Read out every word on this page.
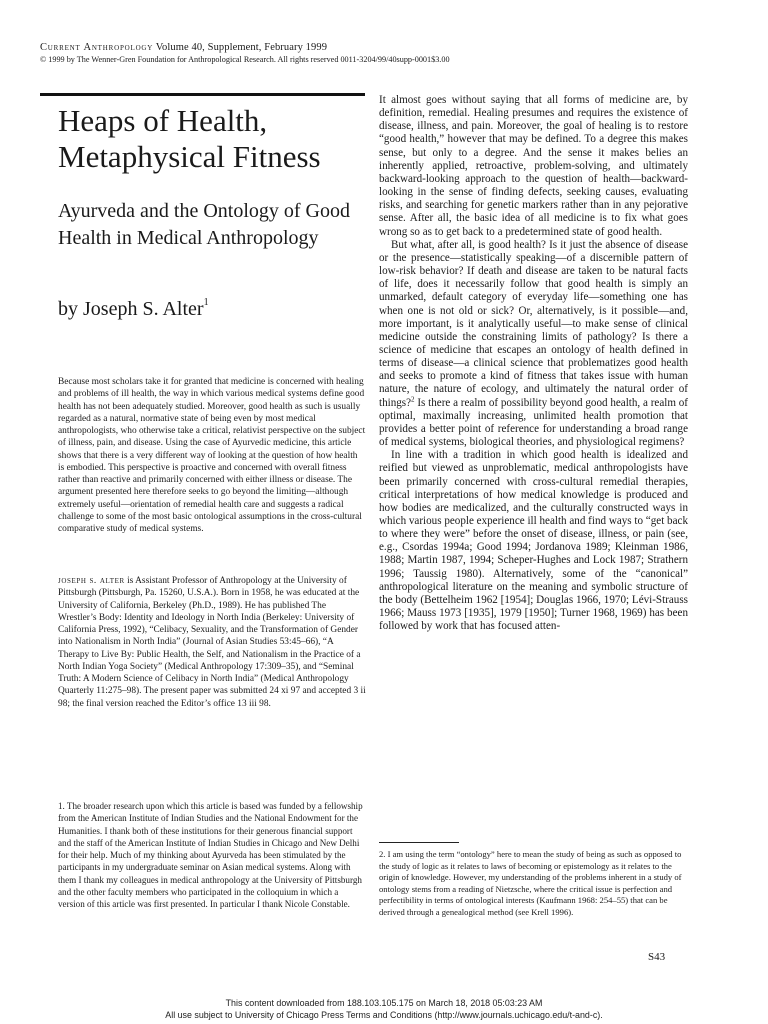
Current Anthropology Volume 40, Supplement, February 1999
© 1999 by The Wenner-Gren Foundation for Anthropological Research. All rights reserved 0011-3204/99/40supp-0001$3.00
Heaps of Health, Metaphysical Fitness
Ayurveda and the Ontology of Good Health in Medical Anthropology
by Joseph S. Alter$^1$
Because most scholars take it for granted that medicine is concerned with healing and problems of ill health, the way in which various medical systems define good health has not been adequately studied. Moreover, good health as such is usually regarded as a natural, normative state of being even by most medical anthropologists, who otherwise take a critical, relativist perspective on the subject of illness, pain, and disease. Using the case of Ayurvedic medicine, this article shows that there is a very different way of looking at the question of how health is embodied. This perspective is proactive and concerned with overall fitness rather than reactive and primarily concerned with either illness or disease. The argument presented here therefore seeks to go beyond the limiting—although extremely useful—orientation of remedial health care and suggests a radical challenge to some of the most basic ontological assumptions in the cross-cultural comparative study of medical systems.
joseph s. alter is Assistant Professor of Anthropology at the University of Pittsburgh (Pittsburgh, Pa. 15260, U.S.A.). Born in 1958, he was educated at the University of California, Berkeley (Ph.D., 1989). He has published The Wrestler’s Body: Identity and Ideology in North India (Berkeley: University of California Press, 1992), “Celibacy, Sexuality, and the Transformation of Gender into Nationalism in North India” (Journal of Asian Studies 53:45–66), “A Therapy to Live By: Public Health, the Self, and Nationalism in the Practice of a North Indian Yoga Society” (Medical Anthropology 17:309–35), and “Seminal Truth: A Modern Science of Celibacy in North India” (Medical Anthropology Quarterly 11:275–98). The present paper was submitted 24 xi 97 and accepted 3 ii 98; the final version reached the Editor’s office 13 iii 98.
1. The broader research upon which this article is based was funded by a fellowship from the American Institute of Indian Studies and the National Endowment for the Humanities. I thank both of these institutions for their generous financial support and the staff of the American Institute of Indian Studies in Chicago and New Delhi for their help. Much of my thinking about Ayurveda has been stimulated by the participants in my undergraduate seminar on Asian medical systems. Along with them I thank my colleagues in medical anthropology at the University of Pittsburgh and the other faculty members who participated in the colloquium in which a version of this article was first presented. In particular I thank Nicole Constable.

It almost goes without saying that all forms of medicine are, by definition, remedial. Healing presumes and requires the existence of disease, illness, and pain. Moreover, the goal of healing is to restore “good health,” however that may be defined. To a degree this makes sense, but only to a degree. And the sense it makes belies an inherently applied, retroactive, problem-solving, and ultimately backward-looking approach to the question of health—backward-looking in the sense of finding defects, seeking causes, evaluating risks, and searching for genetic markers rather than in any pejorative sense. After all, the basic idea of all medicine is to fix what goes wrong so as to get back to a predetermined state of good health.

But what, after all, is good health? Is it just the absence of disease or the presence—statistically speaking—of a discernible pattern of low-risk behavior? If death and disease are taken to be natural facts of life, does it necessarily follow that good health is simply an unmarked, default category of everyday life—something one has when one is not old or sick? Or, alternatively, is it possible—and, more important, is it analytically useful—to make sense of clinical medicine outside the constraining limits of pathology? Is there a science of medicine that escapes an ontology of health defined in terms of disease—a clinical science that problematizes good health and seeks to promote a kind of fitness that takes issue with human nature, the nature of ecology, and ultimately the natural order of things?$^2$ Is there a realm of possibility beyond good health, a realm of optimal, maximally increasing, unlimited health promotion that provides a better point of reference for understanding a broad range of medical systems, biological theories, and physiological regimens?

In line with a tradition in which good health is idealized and reified but viewed as unproblematic, medical anthropologists have been primarily concerned with cross-cultural remedial therapies, critical interpretations of how medical knowledge is produced and how bodies are medicalized, and the culturally constructed ways in which various people experience ill health and find ways to “get back to where they were” before the onset of disease, illness, or pain (see, e.g., Csordas 1994a; Good 1994; Jordanova 1989; Kleinman 1986, 1988; Martin 1987, 1994; Scheper-Hughes and Lock 1987; Strathern 1996; Taussig 1980). Alternatively, some of the “canonical” anthropological literature on the meaning and symbolic structure of the body (Bettelheim 1962 [1954]; Douglas 1966, 1970; Lévi-Strauss 1966; Mauss 1973 [1935], 1979 [1950]; Turner 1968, 1969) has been followed by work that has focused atten-

2. I am using the term “ontology” here to mean the study of being as such as opposed to the study of logic as it relates to laws of becoming or epistemology as it relates to the origin of knowledge. However, my understanding of the problems inherent in a study of ontology stems from a reading of Nietzsche, where the critical issue is perfection and perfectibility in terms of ontological interests (Kaufmann 1968: 254–55) that can be derived through a genealogical method (see Krell 1996).
S43
This content downloaded from 188.103.105.175 on March 18, 2018 05:03:23 AM
All use subject to University of Chicago Press Terms and Conditions (http://www.journals.uchicago.edu/t-and-c).
